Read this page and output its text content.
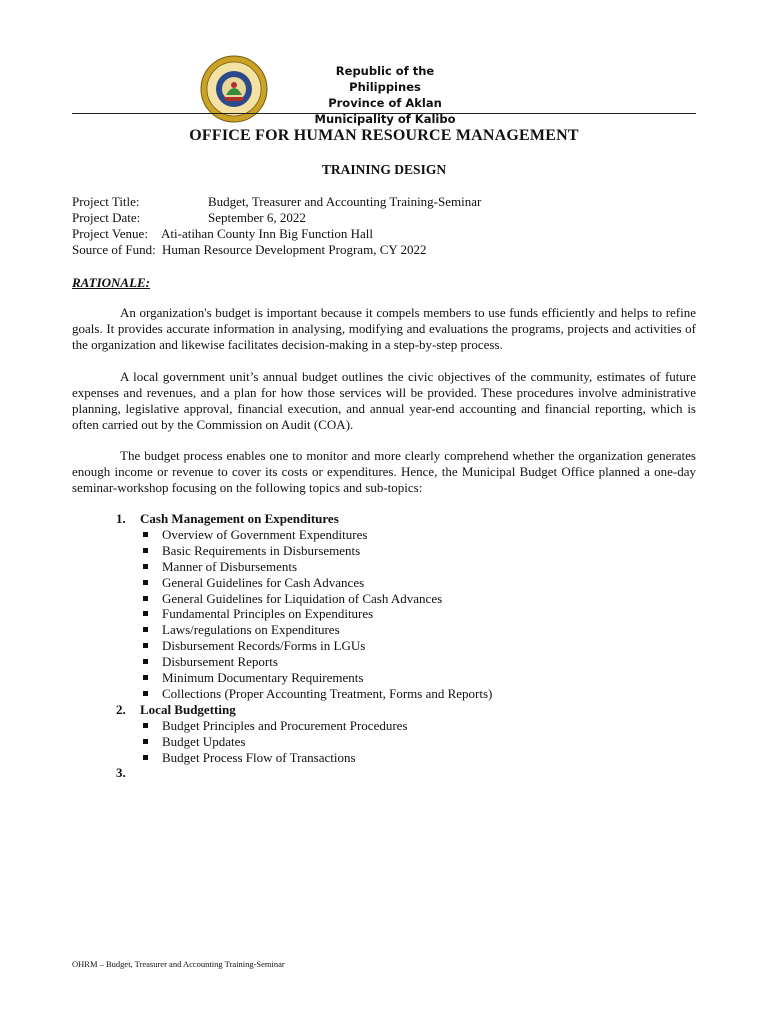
Republic of the Philippines
Province of Aklan
Municipality of Kalibo
OFFICE FOR HUMAN RESOURCE MANAGEMENT
TRAINING DESIGN
Project Title:	Budget, Treasurer and Accounting Training-Seminar
Project Date:	September 6, 2022
Project Venue: Ati-atihan County Inn Big Function Hall
Source of Fund: Human Resource Development Program, CY 2022
RATIONALE:

An organization's budget is important because it compels members to use funds efficiently and helps to refine goals. It provides accurate information in analysing, modifying and evaluations the programs, projects and activities of the organization and likewise facilitates decision-making in a step-by-step process.

A local government unit’s annual budget outlines the civic objectives of the community, estimates of future expenses and revenues, and a plan for how those services will be provided. These procedures involve administrative planning, legislative approval, financial execution, and annual year-end accounting and financial reporting, which is often carried out by the Commission on Audit (COA).

The budget process enables one to monitor and more clearly comprehend whether the organization generates enough income or revenue to cover its costs or expenditures. Hence, the Municipal Budget Office planned a one-day seminar-workshop focusing on the following topics and sub-topics:

1. Cash Management on Expenditures
Overview of Government Expenditures
Basic Requirements in Disbursements
Manner of Disbursements
General Guidelines for Cash Advances
General Guidelines for Liquidation of Cash Advances
Fundamental Principles on Expenditures
Laws/regulations on Expenditures
Disbursement Records/Forms in LGUs
Disbursement Reports
Minimum Documentary Requirements
Collections (Proper Accounting Treatment, Forms and Reports)
2. Local Budgetting
Budget Principles and Procurement Procedures
Budget Updates
Budget Process Flow of Transactions
3.
OHRM – Budget, Treasurer and Accounting Training-Seminar
